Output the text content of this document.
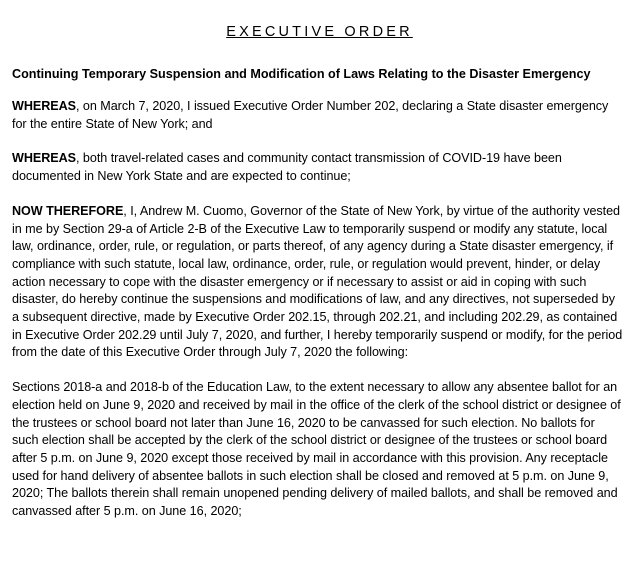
EXECUTIVE ORDER
Continuing Temporary Suspension and Modification of Laws Relating to the Disaster Emergency

WHEREAS, on March 7, 2020, I issued Executive Order Number 202, declaring a State disaster emergency for the entire State of New York; and

WHEREAS, both travel-related cases and community contact transmission of COVID-19 have been documented in New York State and are expected to continue;

NOW THEREFORE, I, Andrew M. Cuomo, Governor of the State of New York, by virtue of the authority vested in me by Section 29-a of Article 2-B of the Executive Law to temporarily suspend or modify any statute, local law, ordinance, order, rule, or regulation, or parts thereof, of any agency during a State disaster emergency, if compliance with such statute, local law, ordinance, order, rule, or regulation would prevent, hinder, or delay action necessary to cope with the disaster emergency or if necessary to assist or aid in coping with such disaster, do hereby continue the suspensions and modifications of law, and any directives, not superseded by a subsequent directive, made by Executive Order 202.15, through 202.21, and including 202.29, as contained in Executive Order 202.29 until July 7, 2020, and further, I hereby temporarily suspend or modify, for the period from the date of this Executive Order through July 7, 2020 the following:

Sections 2018-a and 2018-b of the Education Law, to the extent necessary to allow any absentee ballot for an election held on June 9, 2020 and received by mail in the office of the clerk of the school district or designee of the trustees or school board not later than June 16, 2020 to be canvassed for such election. No ballots for such election shall be accepted by the clerk of the school district or designee of the trustees or school board after 5 p.m. on June 9, 2020 except those received by mail in accordance with this provision. Any receptacle used for hand delivery of absentee ballots in such election shall be closed and removed at 5 p.m. on June 9, 2020; The ballots therein shall remain unopened pending delivery of mailed ballots, and shall be removed and canvassed after 5 p.m. on June 16, 2020;
